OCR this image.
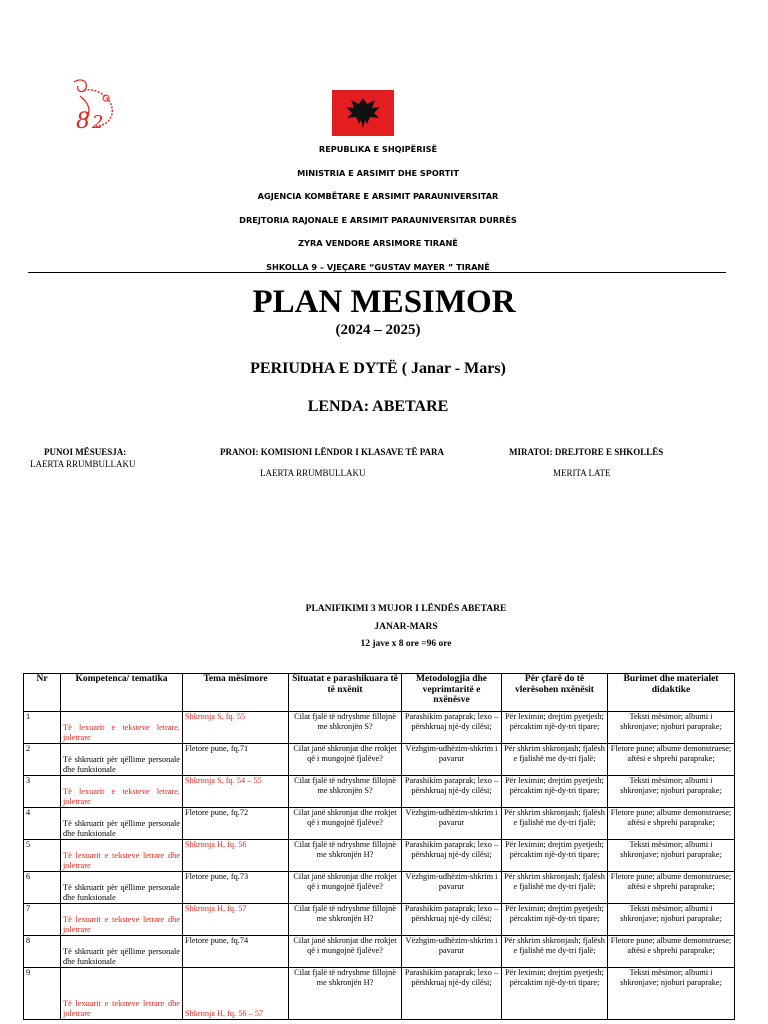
8 2
REPUBLIKA E SHQIPËRISË
MINISTRIA E ARSIMIT DHE SPORTIT
AGJENCIA KOMBËTARE E ARSIMIT PARAUNIVERSITAR
DREJTORIA RAJONALE E ARSIMIT PARAUNIVERSITAR DURRËS
ZYRA VENDORE ARSIMORE TIRANË
SHKOLLA 9 – VJEÇARE “GUSTAV MAYER ” TIRANË
PLAN MESIMOR
(2024 – 2025)
PERIUDHA E DYTË ( Janar - Mars)
LENDA: ABETARE
PUNOI MËSUESJA:
LAERTA RRUMBULLAKU
PRANOI: KOMISIONI LËNDOR I KLASAVE TË PARA
LAERTA RRUMBULLAKU
MIRATOI: DREJTORE E SHKOLLËS
MERITA LATE
PLANIFIKIMI 3 MUJOR I LËNDËS ABETARE
JANAR-MARS
12 jave x 8 ore =96 ore
Nr	Kompetenca/ tematika	Tema mësimore	Situatat e parashikuara të të nxënit	Metodologjia dhe veprimtaritë e nxënësve	Për çfarë do të vlerësohen nxënësit	Burimet dhe materialet didaktike
1	Të lexuarit e teksteve letrare, joletrare	Shkronja S, fq. 55	Cilat fjalë të ndryshme fillojnë me shkronjën S?	Parashikim paraprak; lexo –përshkruaj një-dy cilësi;	Për leximin; drejtim pyetjesh; përcaktim një-dy-tri tipare;	Teksti mësimor; albumi i shkronjave; njohuri paraprake;
2	Të shkruarit për qëllime personale dhe funksionale	Fletore pune, fq.71	Cilat janë shkronjat dhe rrokjet që i mungojnë fjalëve?	Vëzhgim-udhëzim-shkrim i pavarur	Për shkrim shkronjash; fjalësh e fjalishë me dy-tri fjalë;	Fletore pune; albume demonstruese; aftësi e shprehi paraprake;
3	Të lexuarit e teksteve letrare, joletrare	Shkronja S, fq. 54 – 55	Cilat fjalë të ndryshme fillojnë me shkronjën S?	Parashikim paraprak; lexo –përshkruaj një-dy cilësi;	Për leximin; drejtim pyetjesh; përcaktim një-dy-tri tipare;	Teksti mësimor; albumi i shkronjave; njohuri paraprake;
4	Të shkruarit për qëllime personale dhe funksionale	Fletore pune, fq.72	Cilat janë shkronjat dhe rrokjet që i mungojnë fjalëve?	Vëzhgim-udhëzim-shkrim i pavarur	Për shkrim shkronjash; fjalësh e fjalishë me dy-tri fjalë;	Fletore pune; albume demonstruese; aftësi e shprehi paraprake;
5	Të lexuarit e teksteve letrare dhe joletrare	Shkronja H, fq. 56	Cilat fjalë të ndryshme fillojnë me shkronjën H?	Parashikim paraprak; lexo –përshkruaj një-dy cilësi;	Për leximin; drejtim pyetjesh; përcaktim një-dy-tri tipare;	Teksti mësimor; albumi i shkronjave; njohuri paraprake;
6	Të shkruarit për qëllime personale dhe funksionale	Fletore pune, fq.73	Cilat janë shkronjat dhe rrokjet që i mungojnë fjalëve?	Vëzhgim-udhëzim-shkrim i pavarur	Për shkrim shkronjash; fjalësh e fjalishë me dy-tri fjalë;	Fletore pune; albume demonstruese; aftësi e shprehi paraprake;
7	Të lexuarit e teksteve letrare dhe joletrare	Shkronja H, fq. 57	Cilat fjalë të ndryshme fillojnë me shkronjën H?	Parashikim paraprak; lexo –përshkruaj një-dy cilësi;	Për leximin; drejtim pyetjesh; përcaktim një-dy-tri tipare;	Teksti mësimor; albumi i shkronjave; njohuri paraprake;
8	Të shkruarit për qëllime personale dhe funksionale	Fletore pune, fq.74	Cilat janë shkronjat dhe rrokjet që i mungojnë fjalëve?	Vëzhgim-udhëzim-shkrim i pavarur	Për shkrim shkronjash; fjalësh e fjalishë me dy-tri fjalë;	Fletore pune; albume demonstruese; aftësi e shprehi paraprake;
9	Të lexuarit e teksteve letrare dhe joletrare	Shkronja H, fq. 56 – 57	Cilat fjalë të ndryshme fillojnë me shkronjën H?	Parashikim paraprak; lexo –përshkruaj një-dy cilësi;	Për leximin; drejtim pyetjesh; përcaktim një-dy-tri tipare;	Teksti mësimor; albumi i shkronjave; njohuri paraprake;
